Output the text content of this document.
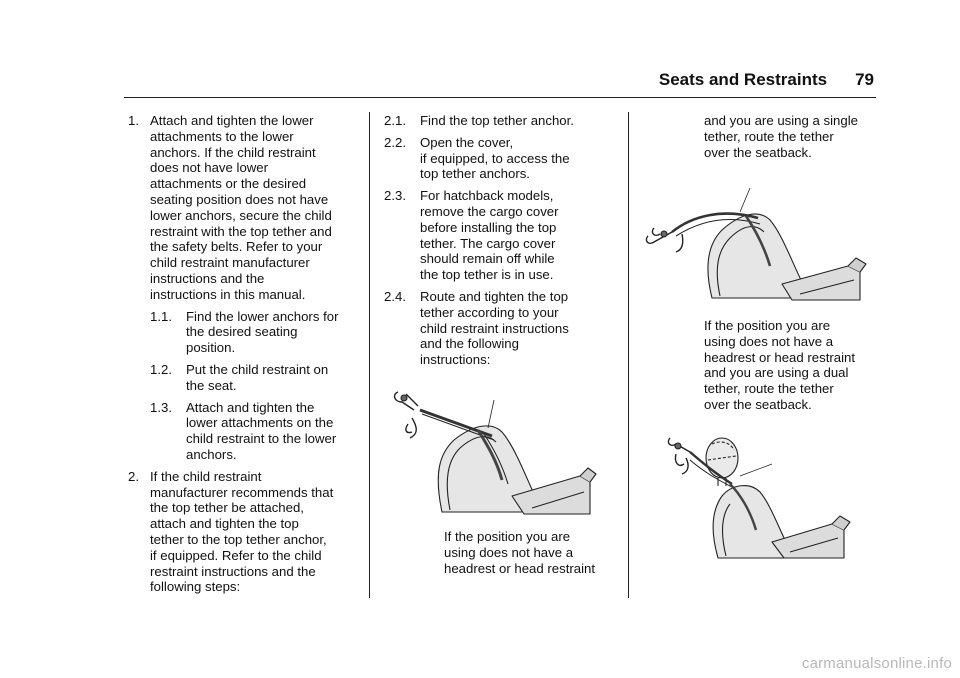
Seats and Restraints 79
1. Attach and tighten the lower
attachments to the lower
anchors. If the child restraint
does not have lower
attachments or the desired
seating position does not have
lower anchors, secure the child
restraint with the top tether and
the safety belts. Refer to your
child restraint manufacturer
instructions and the
instructions in this manual.
1.1.	Find the lower anchors for
the desired seating
position.
1.2.	Put the child restraint on
the seat.
1.3.	Attach and tighten the
lower attachments on the
child restraint to the lower
anchors.
2. If the child restraint
manufacturer recommends that
the top tether be attached,
attach and tighten the top
tether to the top tether anchor,
if equipped. Refer to the child
restraint instructions and the
following steps:
2.1.	Find the top tether anchor.
2.2.	Open the cover,
if equipped, to access the
top tether anchors.
2.3.	For hatchback models,
remove the cargo cover
before installing the top
tether. The cargo cover
should remain off while
the top tether is in use.
2.4.	Route and tighten the top
tether according to your
child restraint instructions
and the following
instructions:
If the position you are
using does not have a
headrest or head restraint
and you are using a single
tether, route the tether
over the seatback.
If the position you are
using does not have a
headrest or head restraint
and you are using a dual
tether, route the tether
over the seatback.
carmanualsonline.info
